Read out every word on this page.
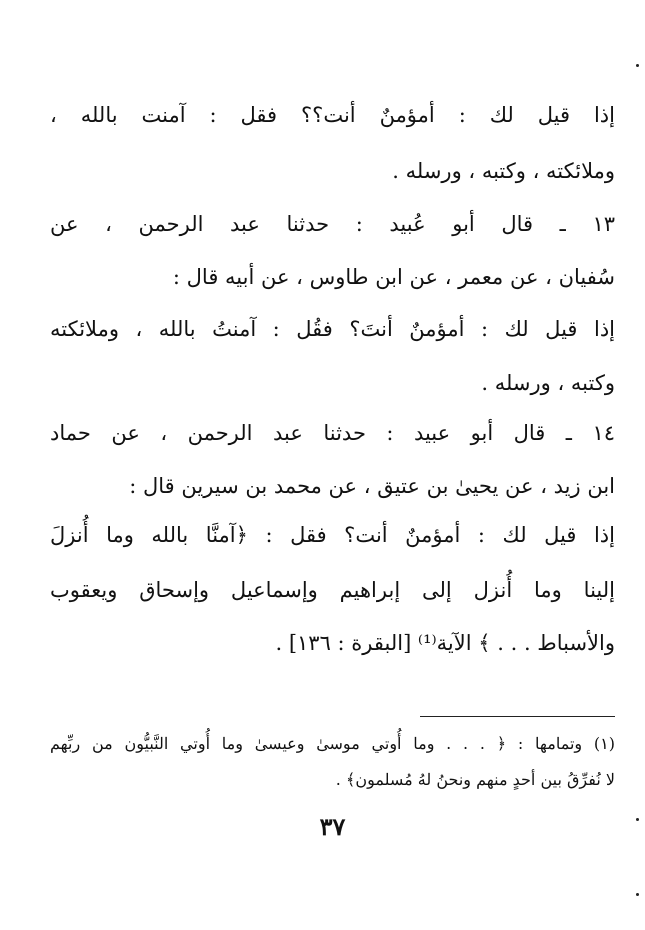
إذا قيل لك : أمؤمنٌ أنت؟؟ فقل : آمنت بالله ،
وملائكته ، وكتبه ، ورسله .
١٣ ـ قال أبو عُبيد : حدثنا عبد الرحمن ، عن
سُفيان ، عن معمر ، عن ابن طاوس ، عن أبيه قال :
إذا قيل لك : أمؤمنٌ أنتَ؟ فقُل : آمنتُ بالله ، وملائكته
وكتبه ، ورسله .
١٤ ـ قال أبو عبيد : حدثنا عبد الرحمن ، عن حماد
ابن زيد ، عن يحيىٰ بن عتيق ، عن محمد بن سيرين قال :
إذا قيل لك : أمؤمنٌ أنت؟ فقل : ﴿آمنَّا بالله وما أُنزلَ
إلينا وما أُنزل إلى إبراهيم وإسماعيل وإسحاق ويعقوب
والأسباط . . . ﴾ الآية⁽¹⁾ [البقرة : ١٣٦] .
(١) وتمامها : ﴿ . . . وما أُوتي موسىٰ وعيسىٰ وما أُوتي النَّبيُّون من ربِّهم
لا نُفرِّقُ بين أحدٍ منهم ونحنُ لهُ مُسلمون﴾ .
٣٧
